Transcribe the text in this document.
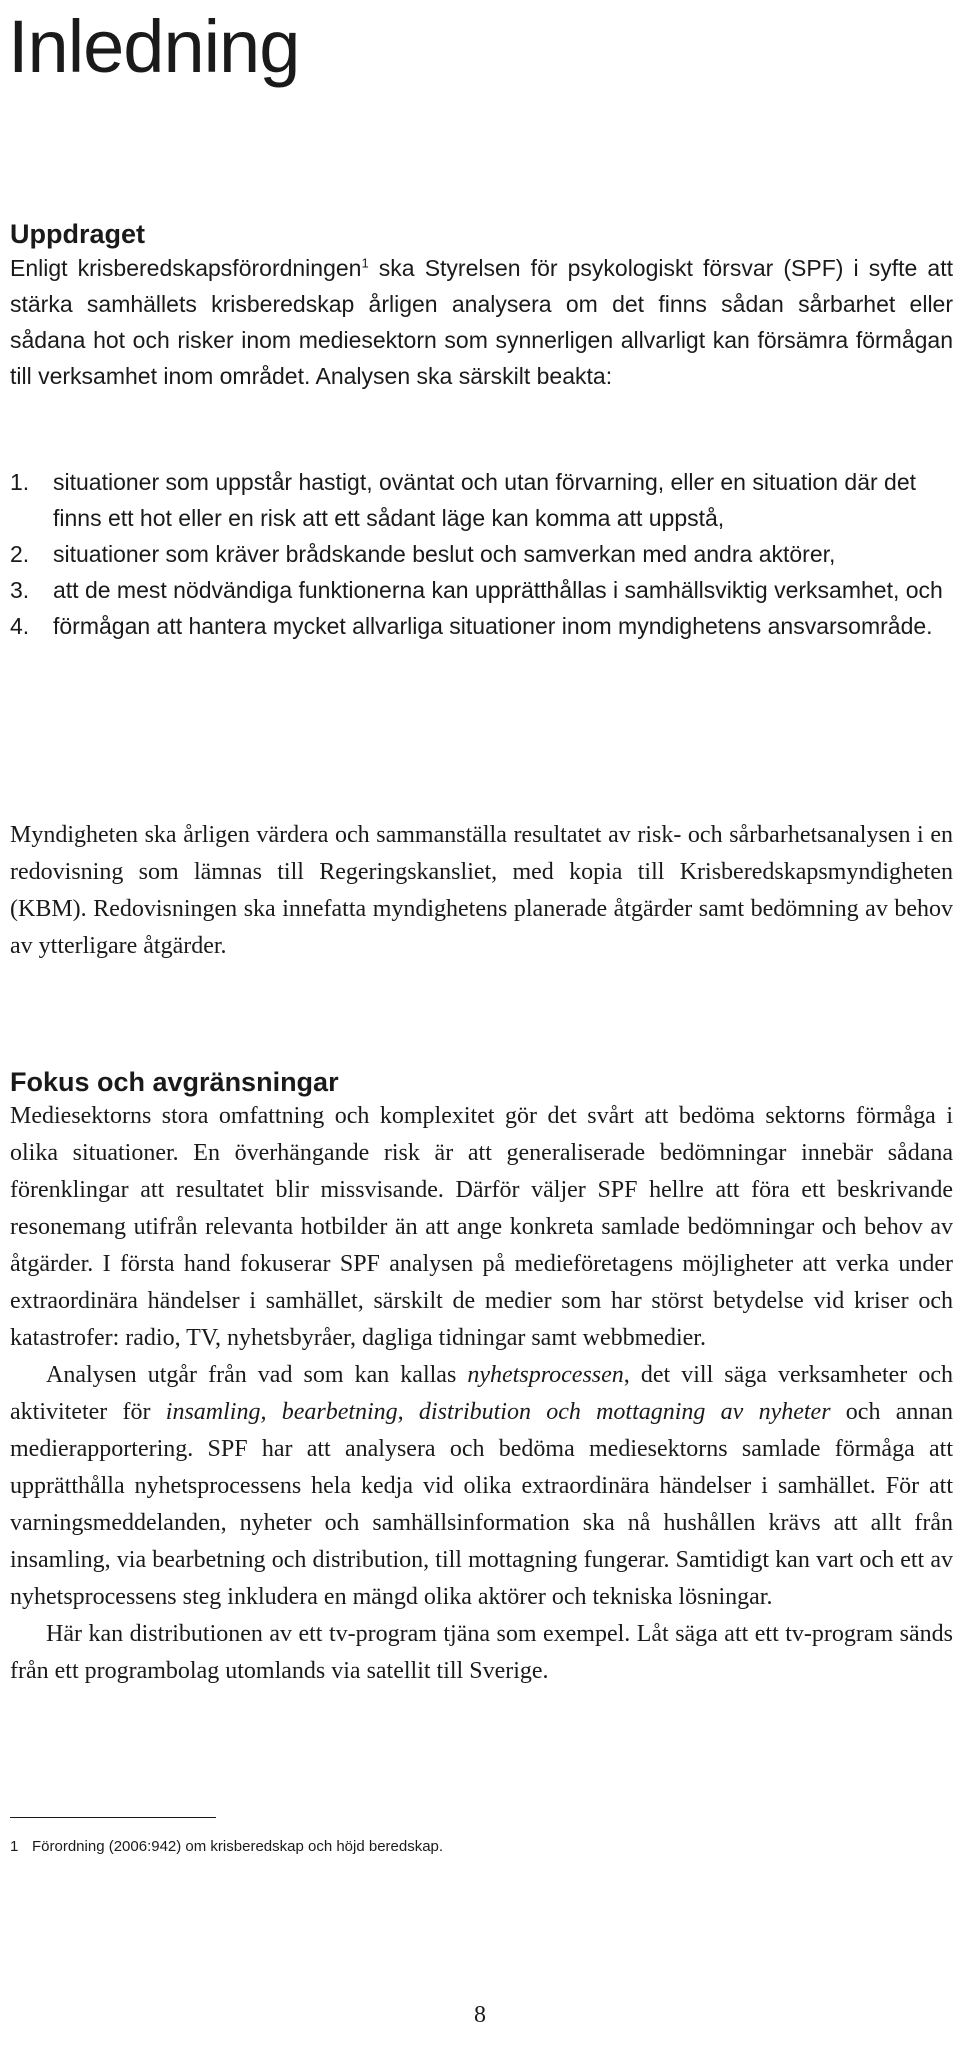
Inledning
Uppdraget

Enligt krisberedskapsförordningen$^1$ ska Styrelsen för psykologiskt försvar (SPF) i syfte att stärka samhällets krisberedskap årligen analysera om det finns sådan sårbarhet eller sådana hot och risker inom mediesektorn som synnerligen allvarligt kan försämra förmågan till verksamhet inom området. Analysen ska särskilt beakta:

1.	situationer som uppstår hastigt, oväntat och utan förvarning, eller en situation där det finns ett hot eller en risk att ett sådant läge kan komma att uppstå,
2.	situationer som kräver brådskande beslut och samverkan med andra aktörer,
3.	att de mest nödvändiga funktionerna kan upprätthållas i samhällsviktig verksamhet, och
4.	förmågan att hantera mycket allvarliga situationer inom myndighetens ansvarsområde.

Myndigheten ska årligen värdera och sammanställa resultatet av risk- och sårbarhetsanalysen i en redovisning som lämnas till Regeringskansliet, med kopia till Krisberedskapsmyndigheten (KBM). Redovisningen ska innefatta myndighetens planerade åtgärder samt bedömning av behov av ytterligare åtgärder.

Fokus och avgränsningar

Mediesektorns stora omfattning och komplexitet gör det svårt att bedöma sektorns förmåga i olika situationer. En överhängande risk är att generaliserade bedömningar innebär sådana förenklingar att resultatet blir missvisande. Därför väljer SPF hellre att föra ett beskrivande resonemang utifrån relevanta hotbilder än att ange konkreta samlade bedömningar och behov av åtgärder. I första hand fokuserar SPF analysen på medieföretagens möjligheter att verka under extraordinära händelser i samhället, särskilt de medier som har störst betydelse vid kriser och katastrofer: radio, TV, nyhetsbyråer, dagliga tidningar samt webbmedier.

Analysen utgår från vad som kan kallas nyhetsprocessen, det vill säga verksamheter och aktiviteter för insamling, bearbetning, distribution och mottagning av nyheter och annan medierapportering. SPF har att analysera och bedöma mediesektorns samlade förmåga att upprätthålla nyhetsprocessens hela kedja vid olika extraordinära händelser i samhället. För att varningsmeddelanden, nyheter och samhällsinformation ska nå hushållen krävs att allt från insamling, via bearbetning och distribution, till mottagning fungerar. Samtidigt kan vart och ett av nyhetsprocessens steg inkludera en mängd olika aktörer och tekniska lösningar.

Här kan distributionen av ett tv-program tjäna som exempel. Låt säga att ett tv-program sänds från ett programbolag utomlands via satellit till Sverige.

1 Förordning (2006:942) om krisberedskap och höjd beredskap.
8
